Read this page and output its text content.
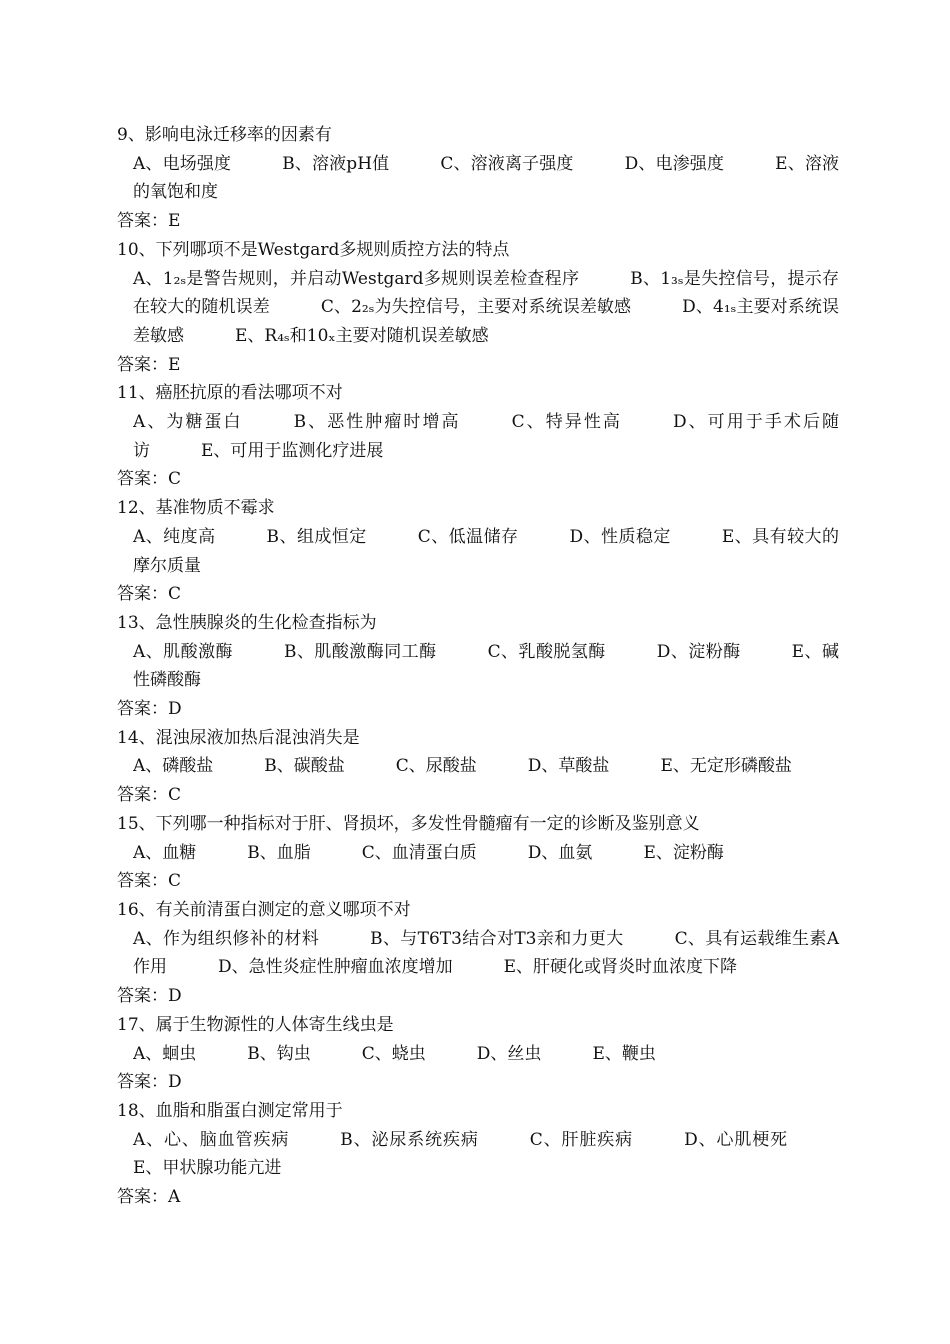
9、影响电泳迁移率的因素有

A、电场强度   	B、溶液pH值   	C、溶液离子强度   	D、电渗强度   	E、溶液的氧饱和度

答案：E

10、下列哪项不是Westgard多规则质控方法的特点

A、1₂ₛ是警告规则，并启动Westgard多规则误差检查程序   	B、1₃ₛ是失控信号，提示存在较大的随机误差   	C、2₂ₛ为失控信号，主要对系统误差敏感   	D、4₁ₛ主要对系统误差敏感   	E、R₄ₛ和10ₓ主要对随机误差敏感

答案：E

11、癌胚抗原的看法哪项不对

A、为糖蛋白   	B、恶性肿瘤时增高   	C、特异性高   	D、可用于手术后随访   	E、可用于监测化疗进展

答案：C

12、基准物质不霉求

A、纯度高   	B、组成恒定   	C、低温储存   	D、性质稳定   	E、具有较大的摩尔质量

答案：C

13、急性胰腺炎的生化检查指标为

A、肌酸激酶   	B、肌酸激酶同工酶   	C、乳酸脱氢酶   	D、淀粉酶   	E、碱性磷酸酶

答案：D

14、混浊尿液加热后混浊消失是

A、磷酸盐   	B、碳酸盐   	C、尿酸盐   	D、草酸盐   	E、无定形磷酸盐

答案：C

15、下列哪一种指标对于肝、肾损坏，多发性骨髓瘤有一定的诊断及鉴别意义

A、血糖   	B、血脂   	C、血清蛋白质   	D、血氨   	E、淀粉酶

答案：C

16、有关前清蛋白测定的意义哪项不对

A、作为组织修补的材料   	B、与T6T3结合对T3亲和力更大   	C、具有运载维生素A作用   	D、急性炎症性肿瘤血浓度增加   	E、肝硬化或肾炎时血浓度下降

答案：D

17、属于生物源性的人体寄生线虫是

A、蛔虫   	B、钩虫   	C、蛲虫   	D、丝虫   	E、鞭虫

答案：D

18、血脂和脂蛋白测定常用于

A、心、脑血管疾病   	B、泌尿系统疾病   	C、肝脏疾病   	D、心肌梗死   E、甲状腺功能亢进

答案：A
